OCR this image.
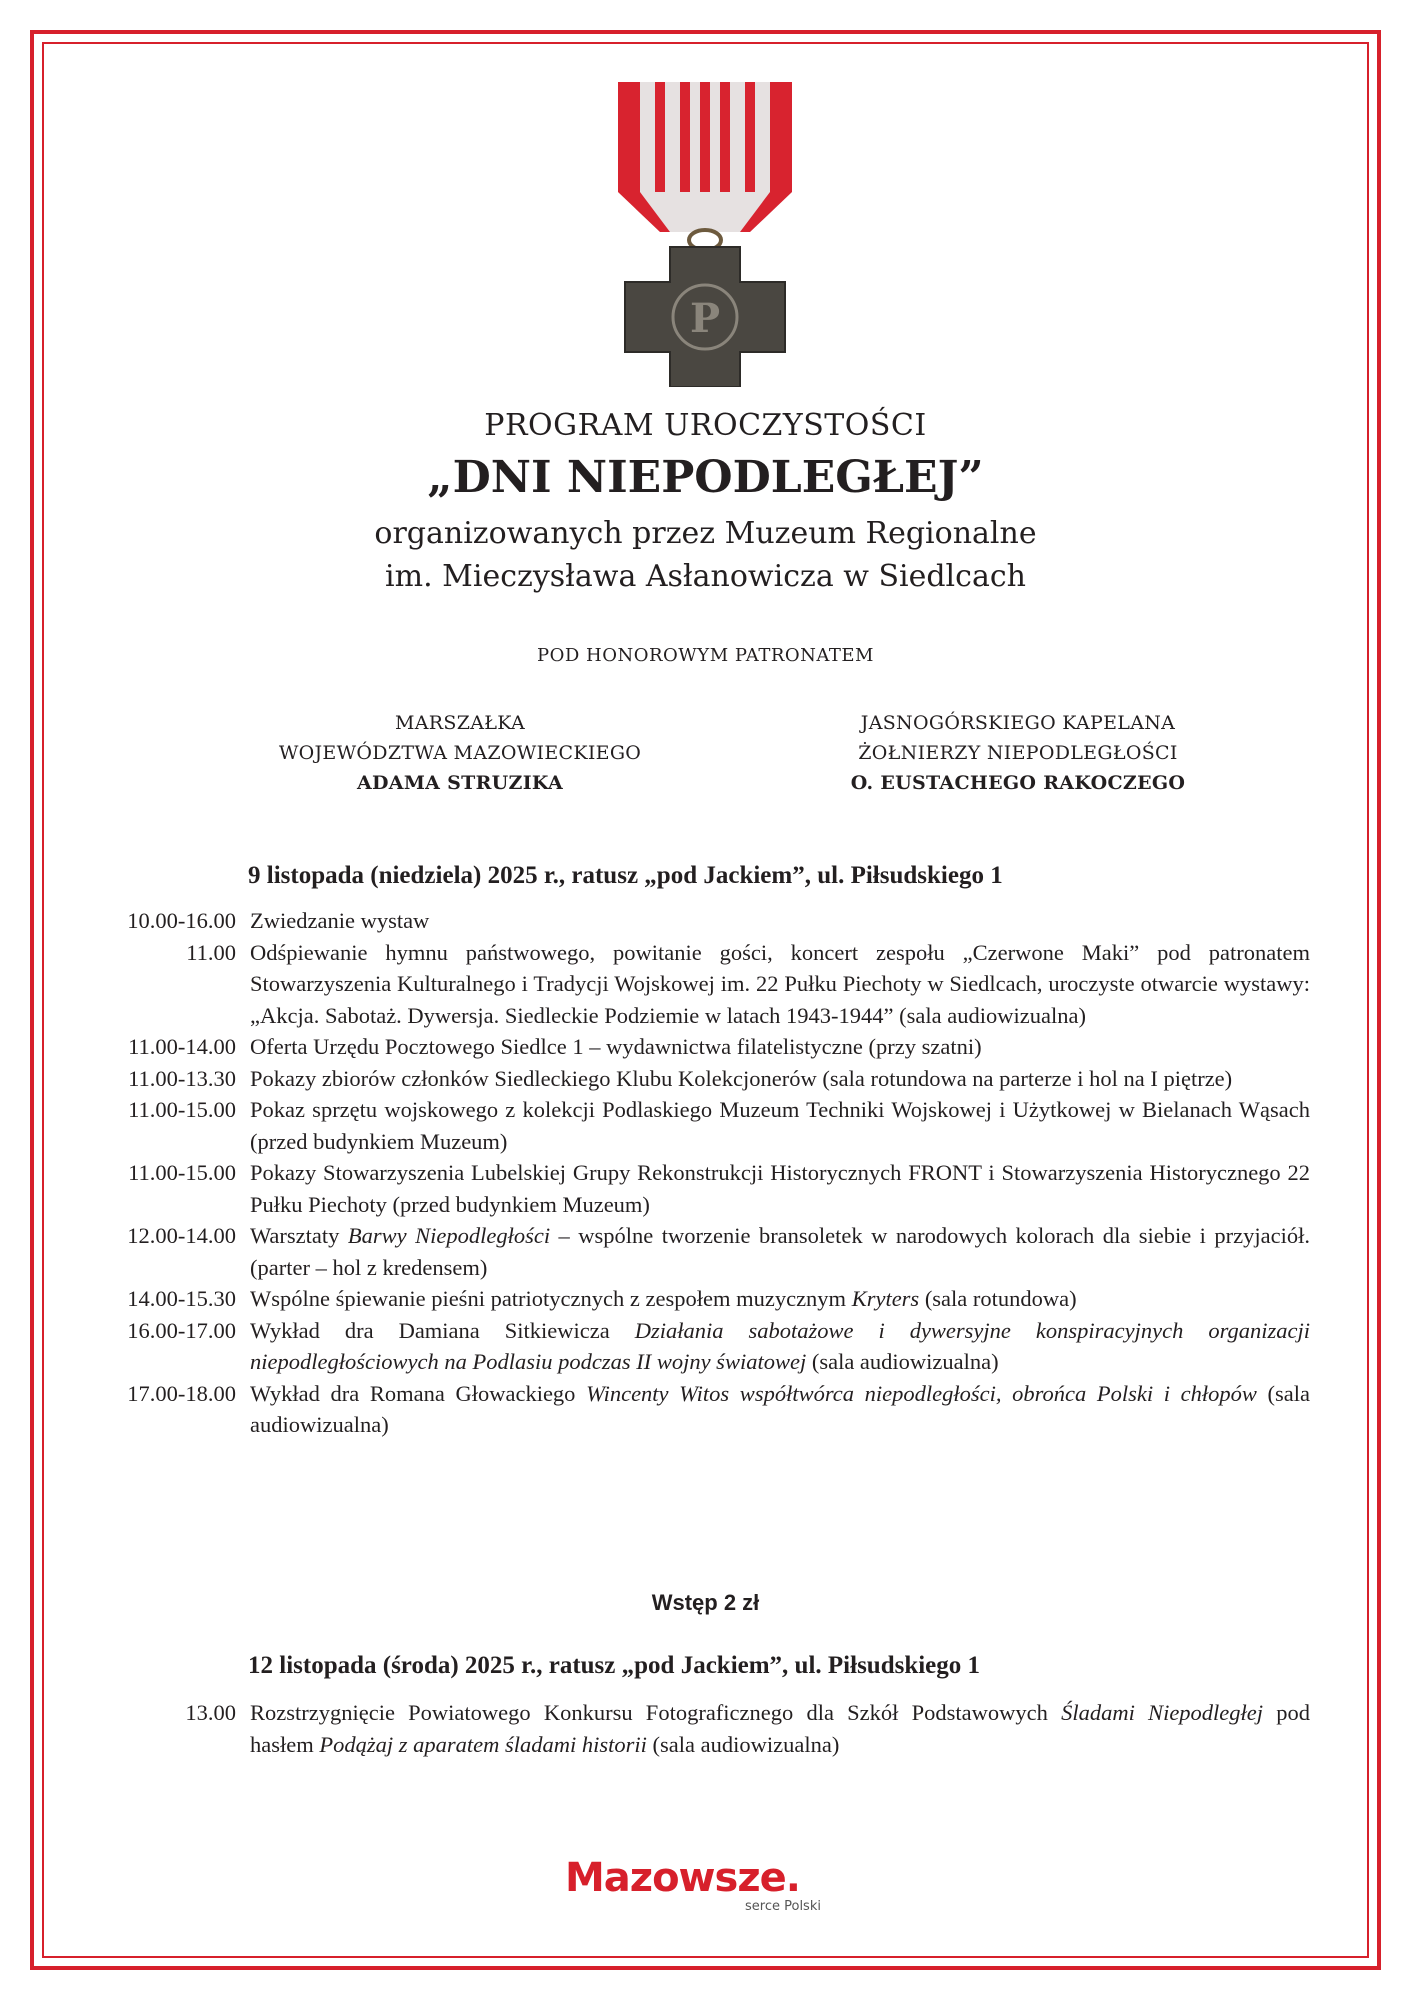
P
PROGRAM UROCZYSTOŚCI
„DNI NIEPODLEGŁEJ”
organizowanych przez Muzeum Regionalne
im. Mieczysława Asłanowicza w Siedlcach
POD HONOROWYM PATRONATEM
MARSZAŁKA
WOJEWÓDZTWA MAZOWIECKIEGO
ADAMA STRUZIKA
JASNOGÓRSKIEGO KAPELANA
ŻOŁNIERZY NIEPODLEGŁOŚCI
O. EUSTACHEGO RAKOCZEGO
9 listopada (niedziela) 2025 r., ratusz „pod Jackiem”, ul. Piłsudskiego 1
10.00-16.00 Zwiedzanie wystaw
11.00 Odśpiewanie hymnu państwowego, powitanie gości, koncert zespołu „Czerwone Maki” pod patronatem Stowarzyszenia Kulturalnego i Tradycji Wojskowej im. 22 Pułku Piechoty w Siedlcach, uroczyste otwarcie wystawy: „Akcja. Sabotaż. Dywersja. Siedleckie Podziemie w latach 1943-1944” (sala audiowizualna)
11.00-14.00 Oferta Urzędu Pocztowego Siedlce 1 – wydawnictwa filatelistyczne (przy szatni)
11.00-13.30 Pokazy zbiorów członków Siedleckiego Klubu Kolekcjonerów (sala rotundowa na parterze i hol na I piętrze)
11.00-15.00 Pokaz sprzętu wojskowego z kolekcji Podlaskiego Muzeum Techniki Wojskowej i Użytkowej w Bielanach Wąsach (przed budynkiem Muzeum)
11.00-15.00 Pokazy Stowarzyszenia Lubelskiej Grupy Rekonstrukcji Historycznych FRONT i Stowarzyszenia Historycznego 22 Pułku Piechoty (przed budynkiem Muzeum)
12.00-14.00 Warsztaty Barwy Niepodległości – wspólne tworzenie bransoletek w narodowych kolorach dla siebie i przyjaciół. (parter – hol z kredensem)
14.00-15.30 Wspólne śpiewanie pieśni patriotycznych z zespołem muzycznym Kryters (sala rotundowa)
16.00-17.00 Wykład dra Damiana Sitkiewicza Działania sabotażowe i dywersyjne konspiracyjnych organizacji niepodległościowych na Podlasiu podczas II wojny światowej (sala audiowizualna)
17.00-18.00 Wykład dra Romana Głowackiego Wincenty Witos współtwórca niepodległości, obrońca Polski i chłopów (sala audiowizualna)
Wstęp 2 zł
12 listopada (środa) 2025 r., ratusz „pod Jackiem”, ul. Piłsudskiego 1
13.00 Rozstrzygnięcie Powiatowego Konkursu Fotograficznego dla Szkół Podstawowych Śladami Niepodległej pod hasłem Podążaj z aparatem śladami historii (sala audiowizualna)
Mazowsze.
serce Polski
